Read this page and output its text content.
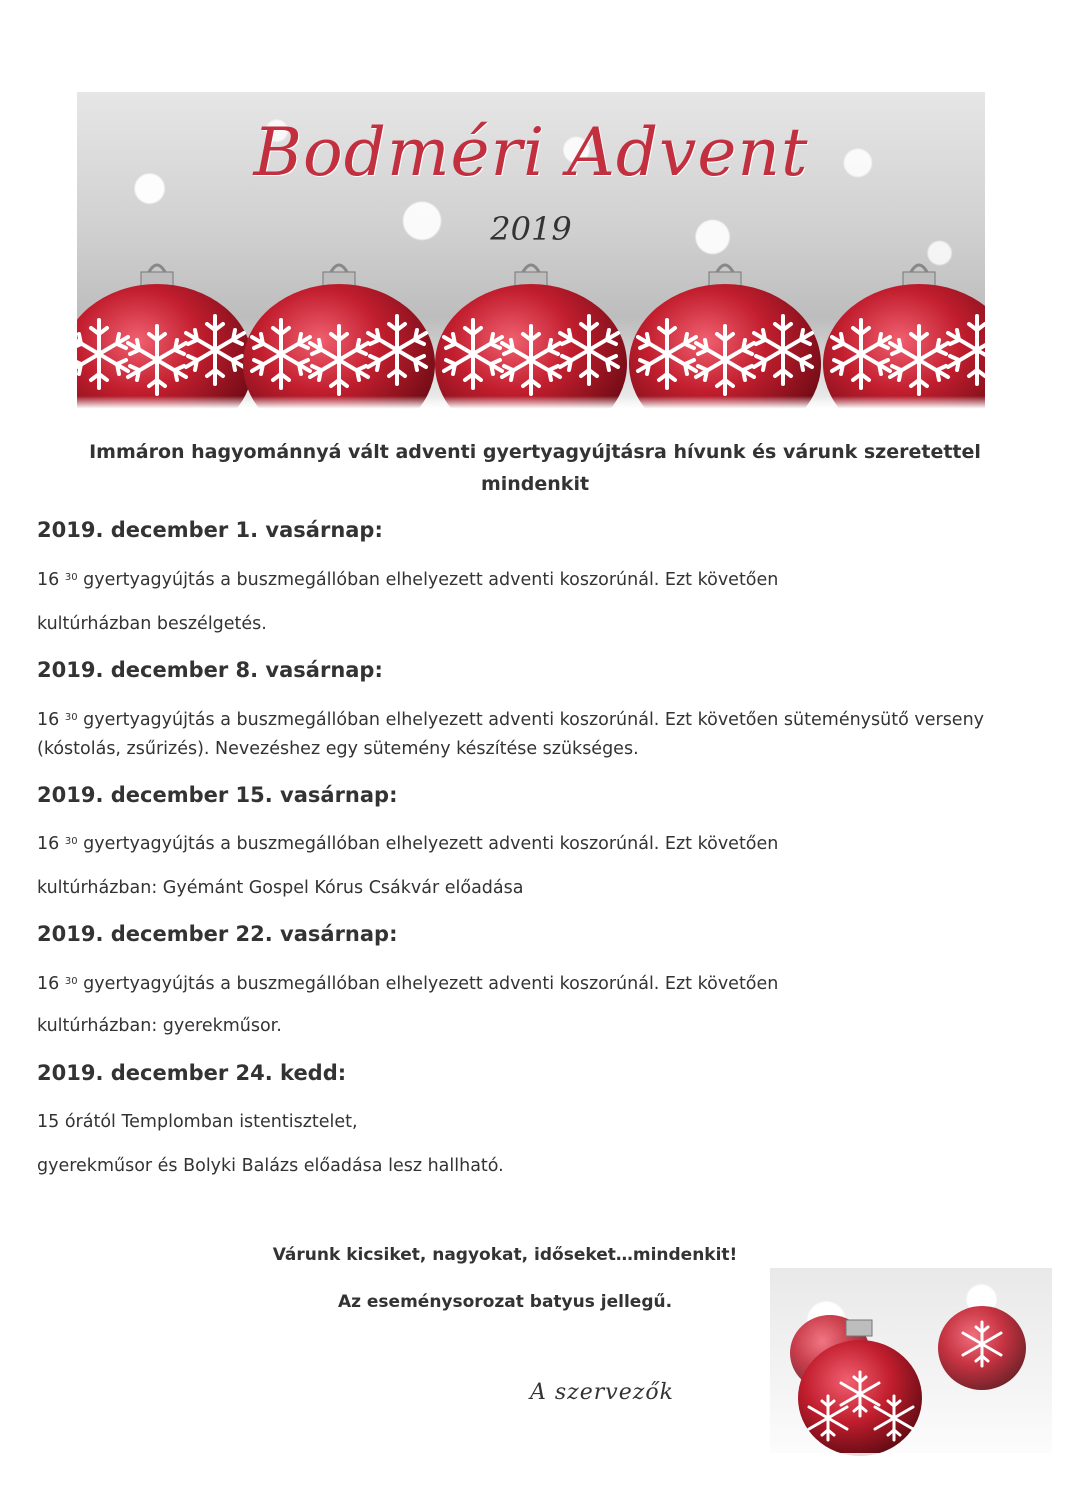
Bodméri Advent
2019
Immáron hagyománnyá vált adventi gyertyagyújtásra hívunk és várunk szeretettel mindenkit
2019. december 1. vasárnap:
16 $^{30}$ gyertyagyújtás a buszmegállóban elhelyezett adventi koszorúnál. Ezt követően
kultúrházban beszélgetés.
2019. december 8. vasárnap:
16 $^{30}$ gyertyagyújtás a buszmegállóban elhelyezett adventi koszorúnál. Ezt követően süteménysütő verseny
(kóstolás, zsűrizés). Nevezéshez egy sütemény készítése szükséges.
2019. december 15. vasárnap:
16 $^{30}$ gyertyagyújtás a buszmegállóban elhelyezett adventi koszorúnál. Ezt követően
kultúrházban: Gyémánt Gospel Kórus Csákvár előadása
2019. december 22. vasárnap:
16 $^{30}$ gyertyagyújtás a buszmegállóban elhelyezett adventi koszorúnál. Ezt követően
kultúrházban: gyerekműsor.
2019. december 24. kedd:
15 órától Templomban istentisztelet,
gyerekműsor és Bolyki Balázs előadása lesz hallható.
Várunk kicsiket, nagyokat, időseket…mindenkit!
Az eseménysorozat batyus jellegű.
A szervezők
